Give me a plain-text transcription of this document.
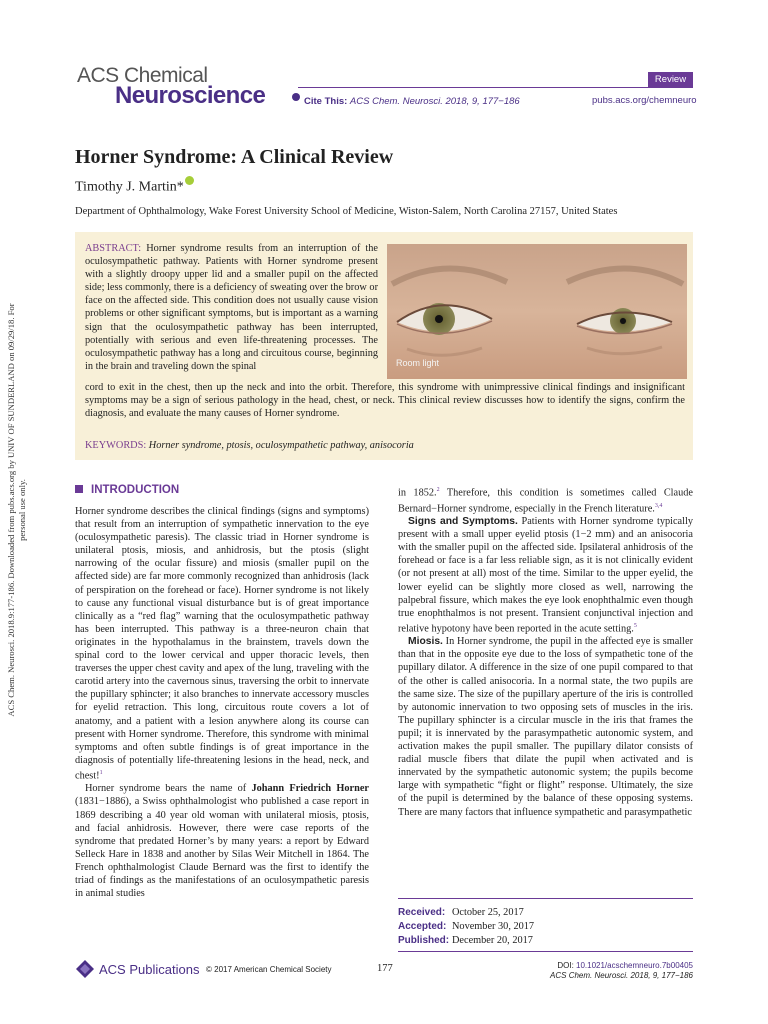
ACS Chem. Neurosci. 2018.9:177-186. Downloaded from pubs.acs.org by UNIV OF SUNDERLAND on 09/29/18. For personal use only.
ACS Chemical
Neuroscience
Review
Cite This: ACS Chem. Neurosci. 2018, 9, 177−186	pubs.acs.org/chemneuro
Horner Syndrome: A Clinical Review
Timothy J. Martin*
Department of Ophthalmology, Wake Forest University School of Medicine, Wiston-Salem, North Carolina 27157, United States
ABSTRACT: Horner syndrome results from an interruption of the oculosympathetic pathway. Patients with Horner syndrome present with a slightly droopy upper lid and a smaller pupil on the affected side; less commonly, there is a deficiency of sweating over the brow or face on the affected side. This condition does not usually cause vision problems or other significant symptoms, but is important as a warning sign that the oculosympathetic pathway has been interrupted, potentially with serious and even life-threatening processes. The oculosympathetic pathway has a long and circuitous course, beginning in the brain and traveling down the spinal	Room light
cord to exit in the chest, then up the neck and into the orbit. Therefore, this syndrome with unimpressive clinical findings and insignificant symptoms may be a sign of serious pathology in the head, chest, or neck. This clinical review discusses how to identify the signs, confirm the diagnosis, and evaluate the many causes of Horner syndrome.
KEYWORDS: Horner syndrome, ptosis, oculosympathetic pathway, anisocoria
INTRODUCTION

Horner syndrome describes the clinical findings (signs and symptoms) that result from an interruption of sympathetic innervation to the eye (oculosympathetic paresis). The classic triad in Horner syndrome is unilateral ptosis, miosis, and anhidrosis, but the ptosis (slight narrowing of the ocular fissure) and miosis (smaller pupil on the affected side) are far more commonly recognized than anhidrosis (lack of perspiration on the forehead or face). Horner syndrome is not likely to cause any functional visual disturbance but is of great importance clinically as a “red flag” warning that the oculosympathetic pathway has been interrupted. This pathway is a three-neuron chain that originates in the hypothalamus in the brainstem, travels down the spinal cord to the lower cervical and upper thoracic levels, then traverses the upper chest cavity and apex of the lung, traveling with the carotid artery into the cavernous sinus, traversing the orbit to innervate the pupillary sphincter; it also branches to innervate accessory muscles for eyelid retraction. This long, circuitous route covers a lot of anatomy, and a patient with a lesion anywhere along its course can present with Horner syndrome. Therefore, this syndrome with minimal symptoms and often subtle findings is of great importance in the diagnosis of potentially life-threatening lesions in the head, neck, and chest!$^1$

Horner syndrome bears the name of Johann Friedrich Horner (1831−1886), a Swiss ophthalmologist who published a case report in 1869 describing a 40 year old woman with unilateral miosis, ptosis, and facial anhidrosis. However, there were case reports of the syndrome that predated Horner’s by many years: a report by Edward Selleck Hare in 1838 and another by Silas Weir Mitchell in 1864. The French ophthalmologist Claude Bernard was the first to identify the triad of findings as the manifestations of an oculosympathetic paresis in animal studies

in 1852.$^2$ Therefore, this condition is sometimes called Claude Bernard−Horner syndrome, especially in the French literature.$^{3,4}$

Signs and Symptoms. Patients with Horner syndrome typically present with a small upper eyelid ptosis (1−2 mm) and an anisocoria with the smaller pupil on the affected side. Ipsilateral anhidrosis of the forehead or face is a far less reliable sign, as it is not clinically evident (or not present at all) most of the time. Similar to the upper eyelid, the lower eyelid can be slightly more closed as well, narrowing the palpebral fissure, which makes the eye look enophthalmic even though true enophthalmos is not present. Transient conjunctival injection and relative hypotony have been reported in the acute setting.$^5$

Miosis. In Horner syndrome, the pupil in the affected eye is smaller than that in the opposite eye due to the loss of sympathetic tone of the pupillary dilator. A difference in the size of one pupil compared to that of the other is called anisocoria. In a normal state, the two pupils are the same size. The size of the pupillary aperture of the iris is controlled by autonomic innervation to two opposing sets of muscles in the iris. The pupillary sphincter is a circular muscle in the iris that frames the pupil; it is innervated by the parasympathetic autonomic system, and activation makes the pupil smaller. The pupillary dilator consists of radial muscle fibers that dilate the pupil when activated and is innervated by the sympathetic autonomic system; the pupils become large with sympathetic “fight or flight” response. Ultimately, the size of the pupil is determined by the balance of these opposing systems. There are many factors that influence sympathetic and parasympathetic

Received: October 25, 2017
Accepted: November 30, 2017
Published: December 20, 2017
ACS Publications © 2017 American Chemical Society	177	DOI: 10.1021/acschemneuro.7b00405
ACS Chem. Neurosci. 2018, 9, 177−186
